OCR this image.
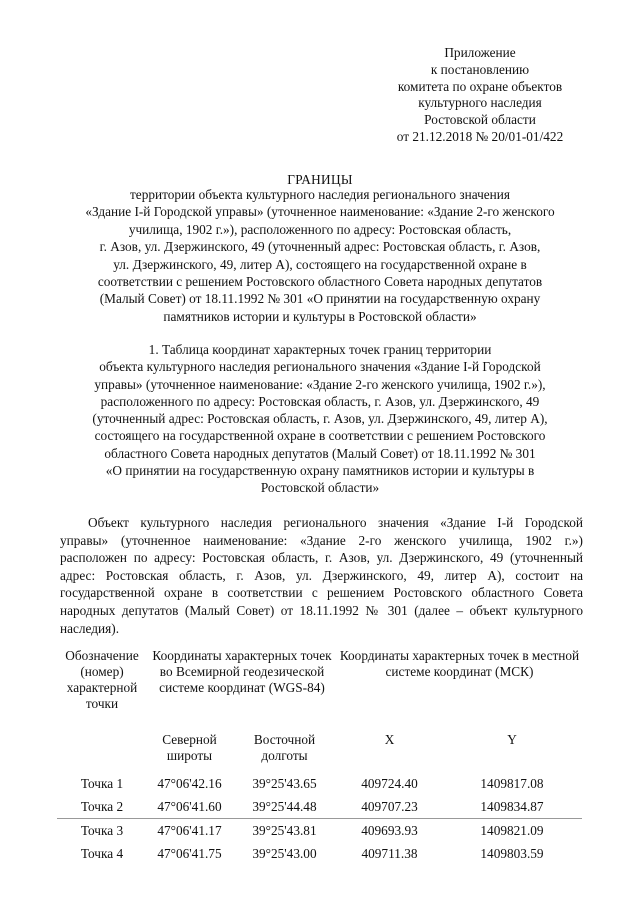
Приложение
к постановлению
комитета по охране объектов
культурного наследия
Ростовской области
от 21.12.2018 № 20/01-01/422
ГРАНИЦЫ
территории объекта культурного наследия регионального значения
«Здание I-й Городской управы» (уточненное наименование: «Здание 2-го женского
училища, 1902 г.»), расположенного по адресу: Ростовская область,
г. Азов, ул. Дзержинского, 49 (уточненный адрес: Ростовская область, г. Азов,
ул. Дзержинского, 49, литер А), состоящего на государственной охране в
соответствии с решением Ростовского областного Совета народных депутатов
(Малый Совет) от 18.11.1992 № 301 «О принятии на государственную охрану
памятников истории и культуры в Ростовской области»
1. Таблица координат характерных точек границ территории
объекта культурного наследия регионального значения «Здание I-й Городской
управы» (уточненное наименование: «Здание 2-го женского училища, 1902 г.»),
расположенного по адресу: Ростовская область, г. Азов, ул. Дзержинского, 49
(уточненный адрес: Ростовская область, г. Азов, ул. Дзержинского, 49, литер А),
состоящего на государственной охране в соответствии с решением Ростовского
областного Совета народных депутатов (Малый Совет) от 18.11.1992 № 301
«О принятии на государственную охрану памятников истории и культуры в
Ростовской области»
Объект культурного наследия регионального значения «Здание I-й Городской
управы» (уточненное наименование: «Здание 2-го женского училища, 1902 г.»)
расположен по адресу: Ростовская область, г. Азов, ул. Дзержинского, 49 (уточненный
адрес: Ростовская область, г. Азов, ул. Дзержинского, 49, литер А), состоит на
государственной охране в соответствии с решением Ростовского областного Совета
народных депутатов (Малый Совет) от 18.11.1992 № 301 (далее – объект культурного
наследия).
Обозначение (номер) характерной точки	Координаты характерных точек во Всемирной геодезической системе координат (WGS-84)		Координаты характерных точек в местной системе координат (МСК)	
	Северной широты	Восточной долготы	X	Y
Точка 1	47°06'42.16	39°25'43.65	409724.40	1409817.08
Точка 2	47°06'41.60	39°25'44.48	409707.23	1409834.87
Точка 3	47°06'41.17	39°25'43.81	409693.93	1409821.09
Точка 4	47°06'41.75	39°25'43.00	409711.38	1409803.59
